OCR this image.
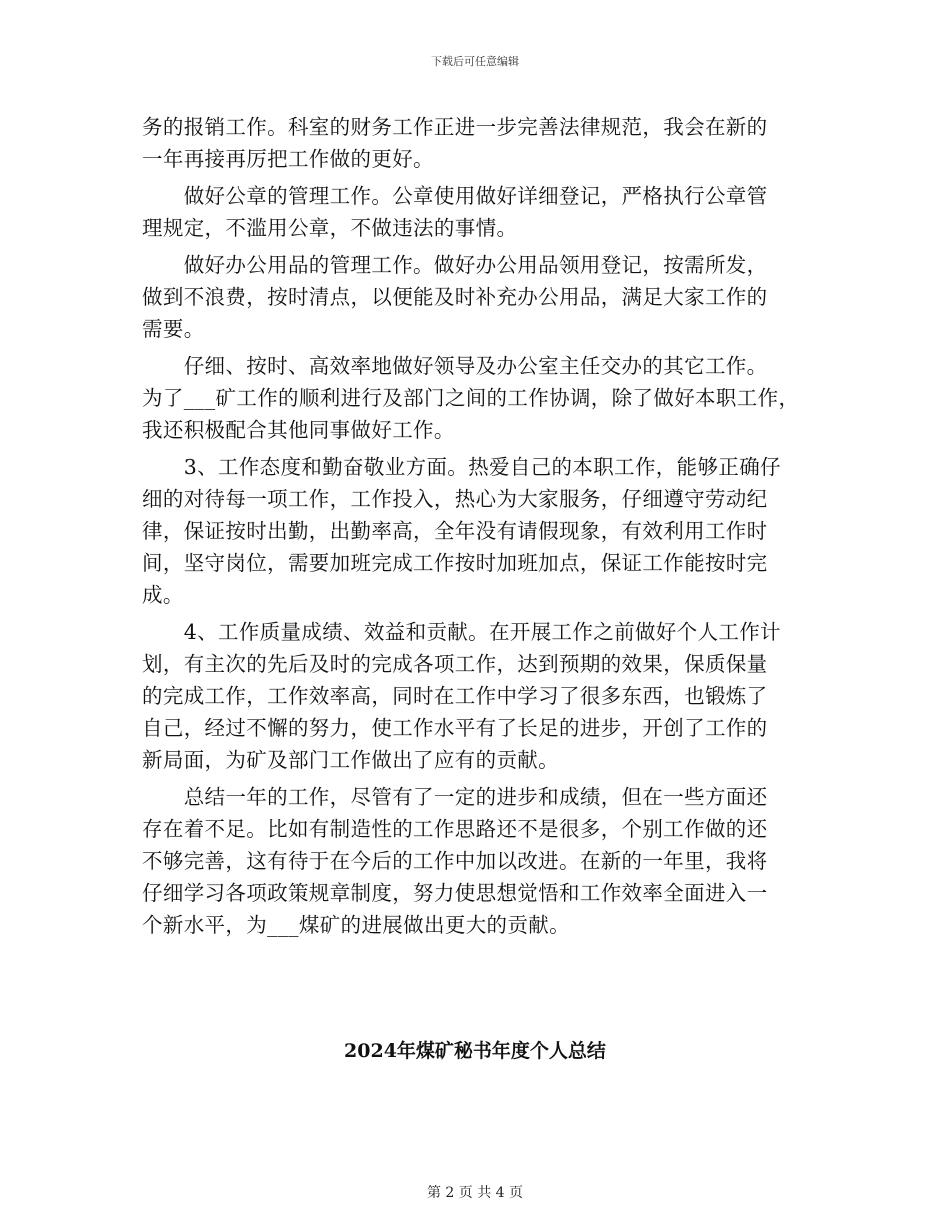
下载后可任意编辑
务的报销工作。科室的财务工作正进一步完善法律规范，我会在新的
一年再接再厉把工作做的更好。
　　做好公章的管理工作。公章使用做好详细登记，严格执行公章管
理规定，不滥用公章，不做违法的事情。
　　做好办公用品的管理工作。做好办公用品领用登记，按需所发，
做到不浪费，按时清点，以便能及时补充办公用品，满足大家工作的
需要。
　　仔细、按时、高效率地做好领导及办公室主任交办的其它工作。
为了___矿工作的顺利进行及部门之间的工作协调，除了做好本职工作，
我还积极配合其他同事做好工作。
　　3、工作态度和勤奋敬业方面。热爱自己的本职工作，能够正确仔
细的对待每一项工作，工作投入，热心为大家服务，仔细遵守劳动纪
律，保证按时出勤，出勤率高，全年没有请假现象，有效利用工作时
间，坚守岗位，需要加班完成工作按时加班加点，保证工作能按时完
成。
　　4、工作质量成绩、效益和贡献。在开展工作之前做好个人工作计
划，有主次的先后及时的完成各项工作，达到预期的效果，保质保量
的完成工作，工作效率高，同时在工作中学习了很多东西，也锻炼了
自己，经过不懈的努力，使工作水平有了长足的进步，开创了工作的
新局面，为矿及部门工作做出了应有的贡献。
　　总结一年的工作，尽管有了一定的进步和成绩，但在一些方面还
存在着不足。比如有制造性的工作思路还不是很多，个别工作做的还
不够完善，这有待于在今后的工作中加以改进。在新的一年里，我将
仔细学习各项政策规章制度，努力使思想觉悟和工作效率全面进入一
个新水平，为___煤矿的进展做出更大的贡献。
2024年煤矿秘书年度个人总结
第 2 页 共 4 页
